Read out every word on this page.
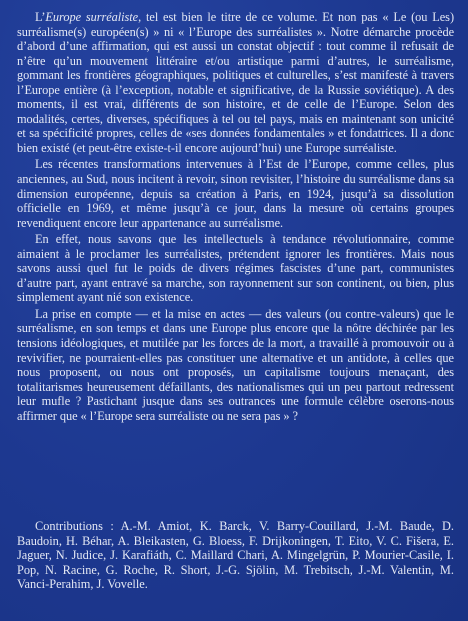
L’Europe surréaliste, tel est bien le titre de ce volume. Et non pas « Le (ou Les) surréalisme(s) européen(s) » ni « l’Europe des surréalistes ». Notre démarche procède d’abord d’une affirmation, qui est aussi un constat objectif : tout comme il refusait de n’être qu’un mouvement littéraire et/ou artistique parmi d’autres, le surréalisme, gommant les frontières géographiques, politiques et culturelles, s’est manifesté à travers l’Europe entière (à l’exception, notable et significative, de la Russie soviétique). A des moments, il est vrai, différents de son histoire, et de celle de l’Europe. Selon des modalités, certes, diverses, spécifiques à tel ou tel pays, mais en maintenant son unicité et sa spécificité propres, celles de «ses données fondamentales » et fondatrices. Il a donc bien existé (et peut-être existe-t-il encore aujourd’hui) une Europe surréaliste.

Les récentes transformations intervenues à l’Est de l’Europe, comme celles, plus anciennes, au Sud, nous incitent à revoir, sinon revisiter, l’histoire du surréalisme dans sa dimension européenne, depuis sa création à Paris, en 1924, jusqu’à sa dissolution officielle en 1969, et même jusqu’à ce jour, dans la mesure où certains groupes revendiquent encore leur appartenance au surréalisme.

En effet, nous savons que les intellectuels à tendance révolutionnaire, comme aimaient à le proclamer les surréalistes, prétendent ignorer les frontières. Mais nous savons aussi quel fut le poids de divers régimes fascistes d’une part, communistes d’autre part, ayant entravé sa marche, son rayonnement sur son continent, ou bien, plus simplement ayant nié son existence.

La prise en compte — et la mise en actes — des valeurs (ou contre-valeurs) que le surréalisme, en son temps et dans une Europe plus encore que la nôtre déchirée par les tensions idéologiques, et mutilée par les forces de la mort, a travaillé à promouvoir ou à revivifier, ne pourraient-elles pas constituer une alternative et un antidote, à celles que nous proposent, ou nous ont proposés, un capitalisme toujours menaçant, des totalitarismes heureusement défaillants, des nationalismes qui un peu partout redressent leur mufle ? Pastichant jusque dans ses outrances une formule célèbre oserons-nous affirmer que « l’Europe sera surréaliste ou ne sera pas » ?

Contributions : A.-M. Amiot, K. Barck, V. Barry-Couillard, J.-M. Baude, D. Baudoin, H. Béhar, A. Bleikasten, G. Bloess, F. Drijkoningen, T. Eito, V. C. Fišera, E. Jaguer, N. Judice, J. Karafiáth, C. Maillard Chari, A. Mingelgrün, P. Mourier-Casile, I. Pop, N. Racine, G. Roche, R. Short, J.-G. Sjölin, M. Trebitsch, J.-M. Valentin, M. Vanci-Perahim, J. Vovelle.
